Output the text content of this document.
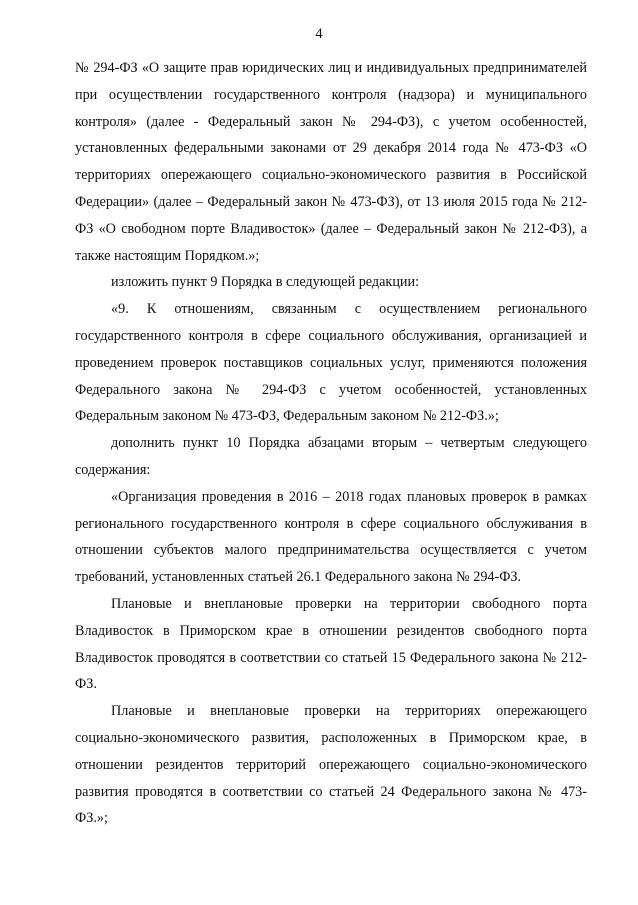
4

№ 294-ФЗ «О защите прав юридических лиц и индивидуальных предпринимателей при осуществлении государственного контроля (надзора) и муниципального контроля» (далее - Федеральный закон № 294-ФЗ), с учетом особенностей, установленных федеральными законами от 29 декабря 2014 года № 473-ФЗ «О территориях опережающего социально-экономического развития в Российской Федерации» (далее – Федеральный закон № 473-ФЗ), от 13 июля 2015 года № 212-ФЗ «О свободном порте Владивосток» (далее – Федеральный закон № 212-ФЗ), а также настоящим Порядком.»;

изложить пункт 9 Порядка в следующей редакции:

«9. К отношениям, связанным с осуществлением регионального государственного контроля в сфере социального обслуживания, организацией и проведением проверок поставщиков социальных услуг, применяются положения Федерального закона № 294-ФЗ с учетом особенностей, установленных Федеральным законом № 473-ФЗ, Федеральным законом № 212-ФЗ.»;

дополнить пункт 10 Порядка абзацами вторым – четвертым следующего содержания:

«Организация проведения в 2016 – 2018 годах плановых проверок в рамках регионального государственного контроля в сфере социального обслуживания в отношении субъектов малого предпринимательства осуществляется с учетом требований, установленных статьей 26.1 Федерального закона № 294-ФЗ.

Плановые и внеплановые проверки на территории свободного порта Владивосток в Приморском крае в отношении резидентов свободного порта Владивосток проводятся в соответствии со статьей 15 Федерального закона № 212-ФЗ.

Плановые и внеплановые проверки на территориях опережающего социально-экономического развития, расположенных в Приморском крае, в отношении резидентов территорий опережающего социально-экономического развития проводятся в соответствии со статьей 24 Федерального закона № 473-ФЗ.»;
